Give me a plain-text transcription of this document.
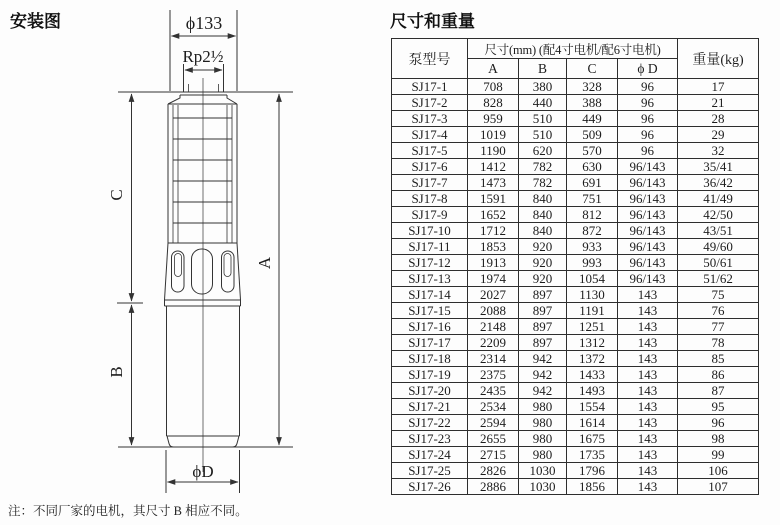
安装图	ϕ133
Rp2½
C
A
B
ϕD
注：不同厂家的电机，其尺寸 B 相应不同。
尺寸和重量
泵型号	尺寸(mm) (配4寸电机/配6寸电机)				重量(kg)
	A	B	C	ϕ D	
SJ17-1	708	380	328	96	17
SJ17-2	828	440	388	96	21
SJ17-3	959	510	449	96	28
SJ17-4	1019	510	509	96	29
SJ17-5	1190	620	570	96	32
SJ17-6	1412	782	630	96/143	35/41
SJ17-7	1473	782	691	96/143	36/42
SJ17-8	1591	840	751	96/143	41/49
SJ17-9	1652	840	812	96/143	42/50
SJ17-10	1712	840	872	96/143	43/51
SJ17-11	1853	920	933	96/143	49/60
SJ17-12	1913	920	993	96/143	50/61
SJ17-13	1974	920	1054	96/143	51/62
SJ17-14	2027	897	1130	143	75
SJ17-15	2088	897	1191	143	76
SJ17-16	2148	897	1251	143	77
SJ17-17	2209	897	1312	143	78
SJ17-18	2314	942	1372	143	85
SJ17-19	2375	942	1433	143	86
SJ17-20	2435	942	1493	143	87
SJ17-21	2534	980	1554	143	95
SJ17-22	2594	980	1614	143	96
SJ17-23	2655	980	1675	143	98
SJ17-24	2715	980	1735	143	99
SJ17-25	2826	1030	1796	143	106
SJ17-26	2886	1030	1856	143	107
